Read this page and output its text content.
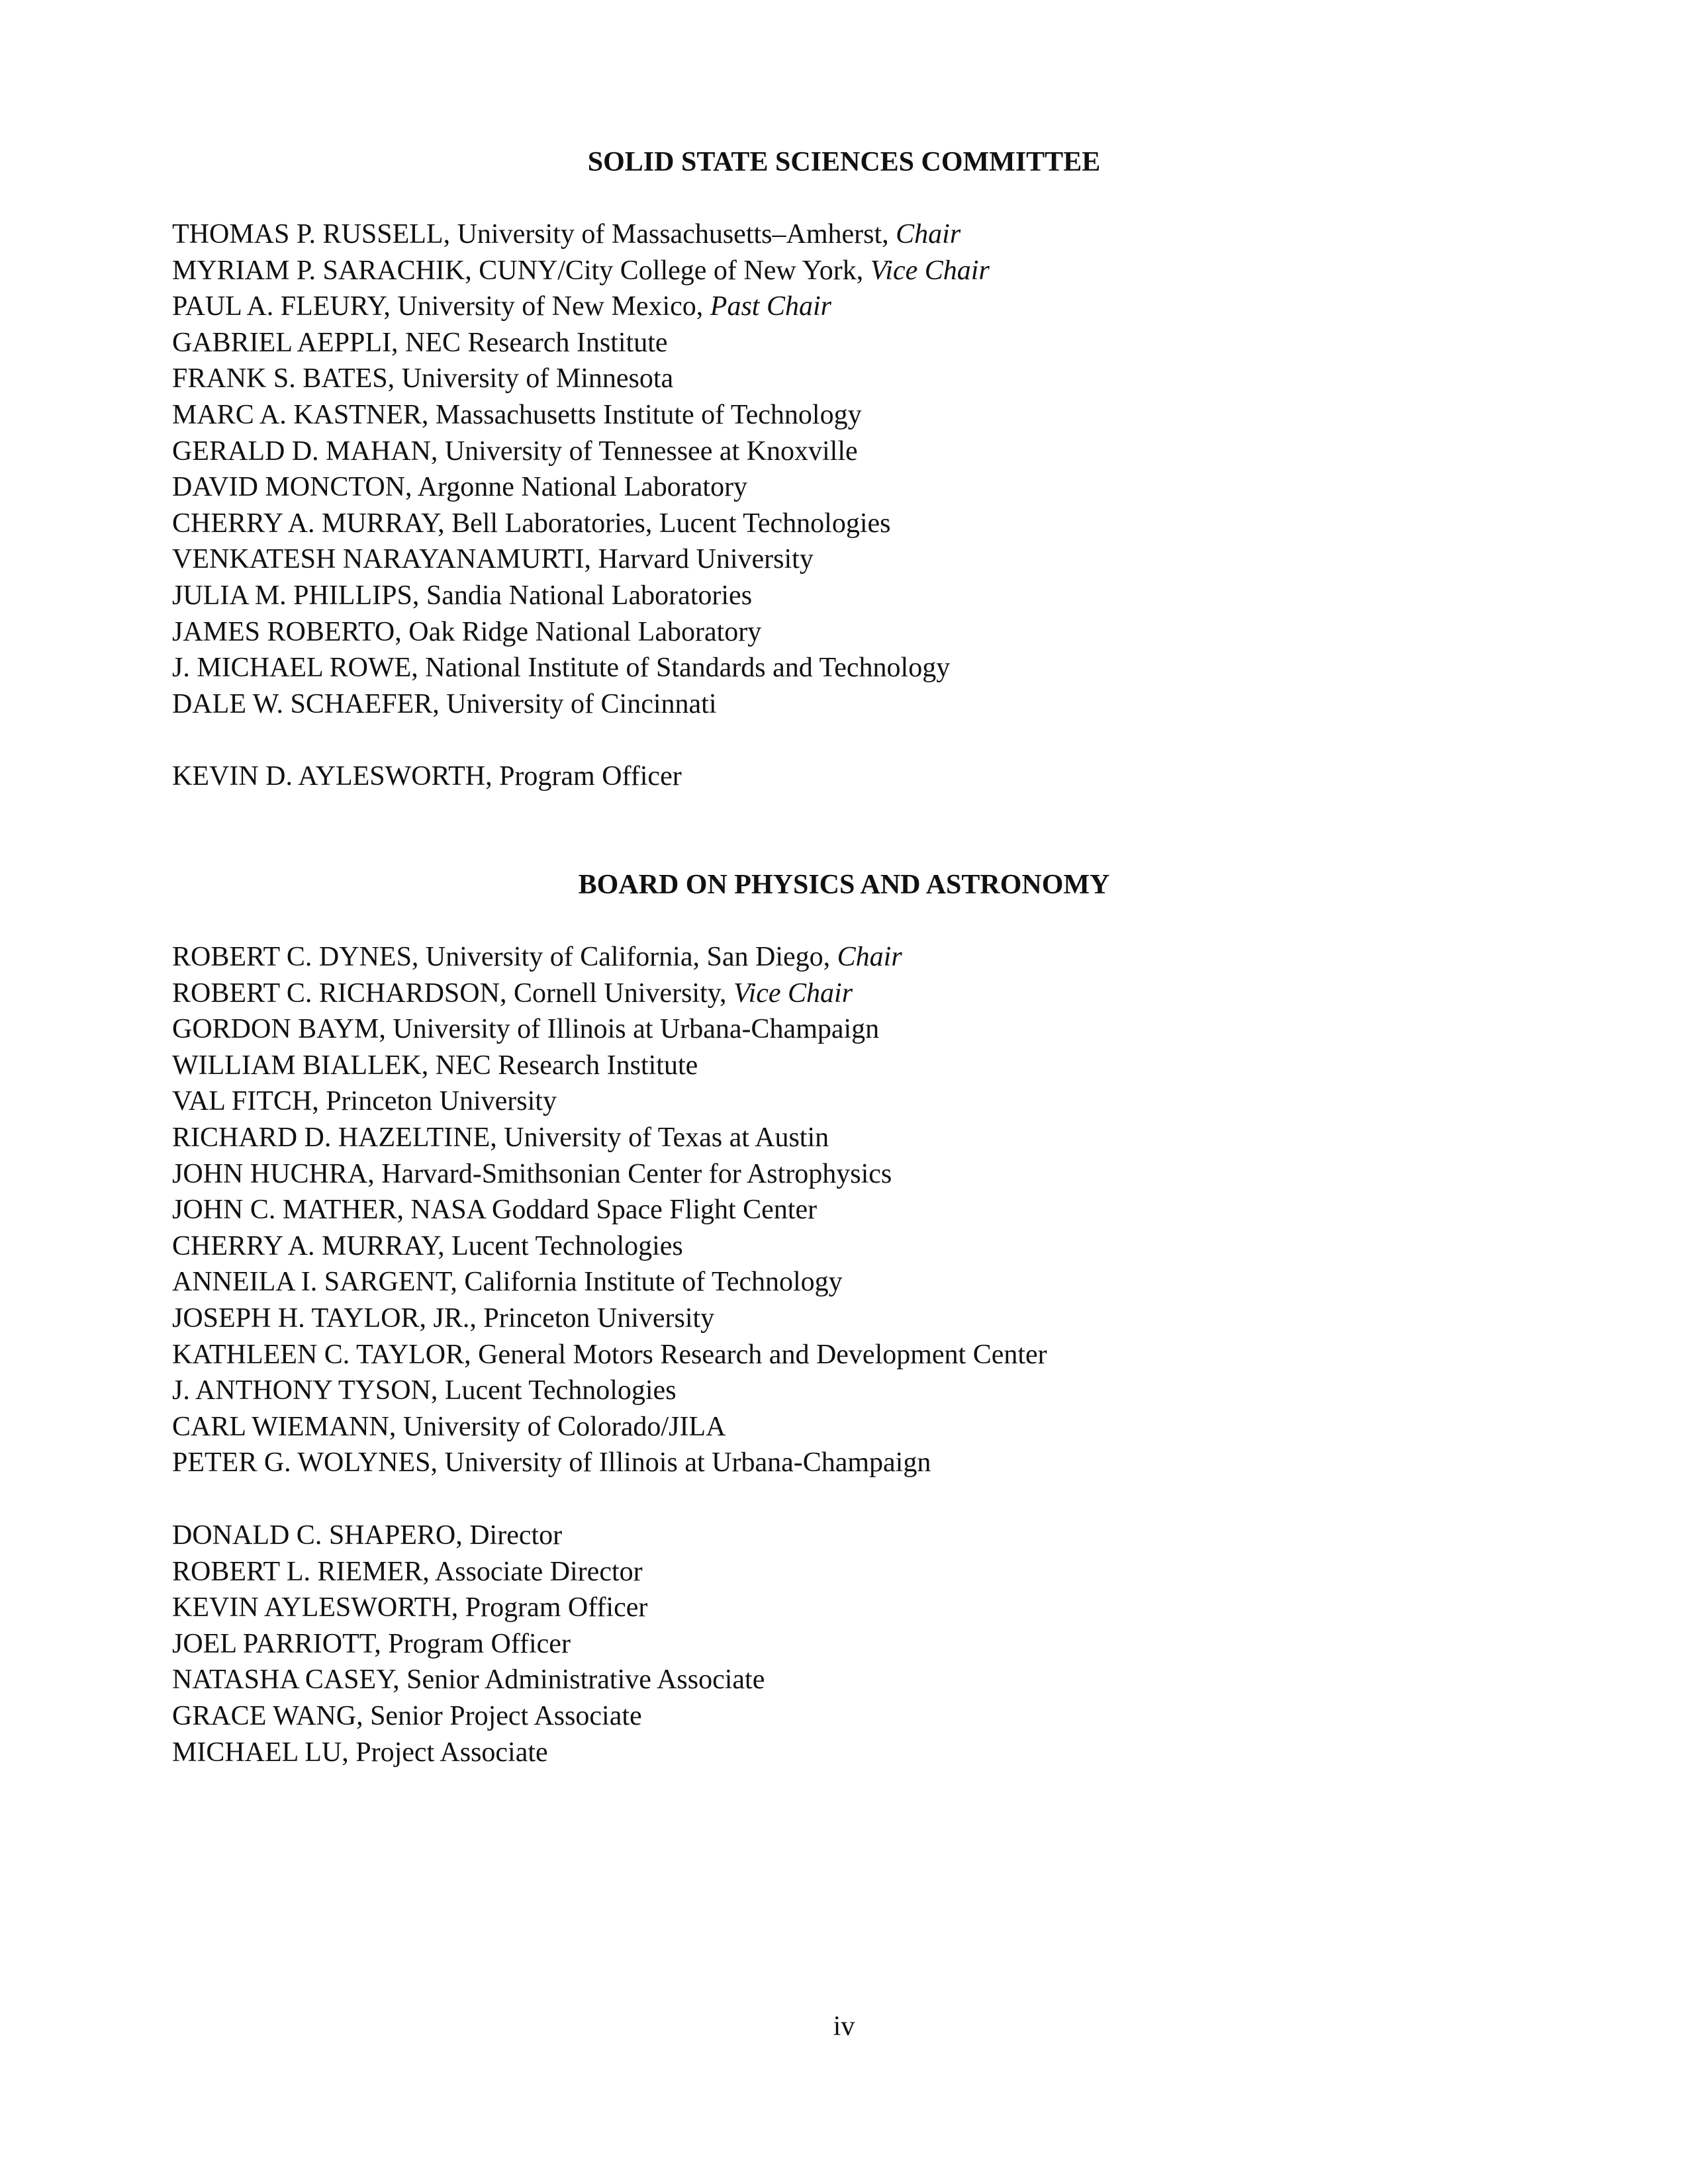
SOLID STATE SCIENCES COMMITTEE
THOMAS P. RUSSELL, University of Massachusetts–Amherst, Chair
MYRIAM P. SARACHIK, CUNY/City College of New York, Vice Chair
PAUL A. FLEURY, University of New Mexico, Past Chair
GABRIEL AEPPLI, NEC Research Institute
FRANK S. BATES, University of Minnesota
MARC A. KASTNER, Massachusetts Institute of Technology
GERALD D. MAHAN, University of Tennessee at Knoxville
DAVID MONCTON, Argonne National Laboratory
CHERRY A. MURRAY, Bell Laboratories, Lucent Technologies
VENKATESH NARAYANAMURTI, Harvard University
JULIA M. PHILLIPS, Sandia National Laboratories
JAMES ROBERTO, Oak Ridge National Laboratory
J. MICHAEL ROWE, National Institute of Standards and Technology
DALE W. SCHAEFER, University of Cincinnati
KEVIN D. AYLESWORTH, Program Officer
BOARD ON PHYSICS AND ASTRONOMY
ROBERT C. DYNES, University of California, San Diego, Chair
ROBERT C. RICHARDSON, Cornell University, Vice Chair
GORDON BAYM, University of Illinois at Urbana-Champaign
WILLIAM BIALLEK, NEC Research Institute
VAL FITCH, Princeton University
RICHARD D. HAZELTINE, University of Texas at Austin
JOHN HUCHRA, Harvard-Smithsonian Center for Astrophysics
JOHN C. MATHER, NASA Goddard Space Flight Center
CHERRY A. MURRAY, Lucent Technologies
ANNEILA I. SARGENT, California Institute of Technology
JOSEPH H. TAYLOR, JR., Princeton University
KATHLEEN C. TAYLOR, General Motors Research and Development Center
J. ANTHONY TYSON, Lucent Technologies
CARL WIEMANN, University of Colorado/JILA
PETER G. WOLYNES, University of Illinois at Urbana-Champaign
DONALD C. SHAPERO, Director
ROBERT L. RIEMER, Associate Director
KEVIN AYLESWORTH, Program Officer
JOEL PARRIOTT, Program Officer
NATASHA CASEY, Senior Administrative Associate
GRACE WANG, Senior Project Associate
MICHAEL LU, Project Associate
iv
